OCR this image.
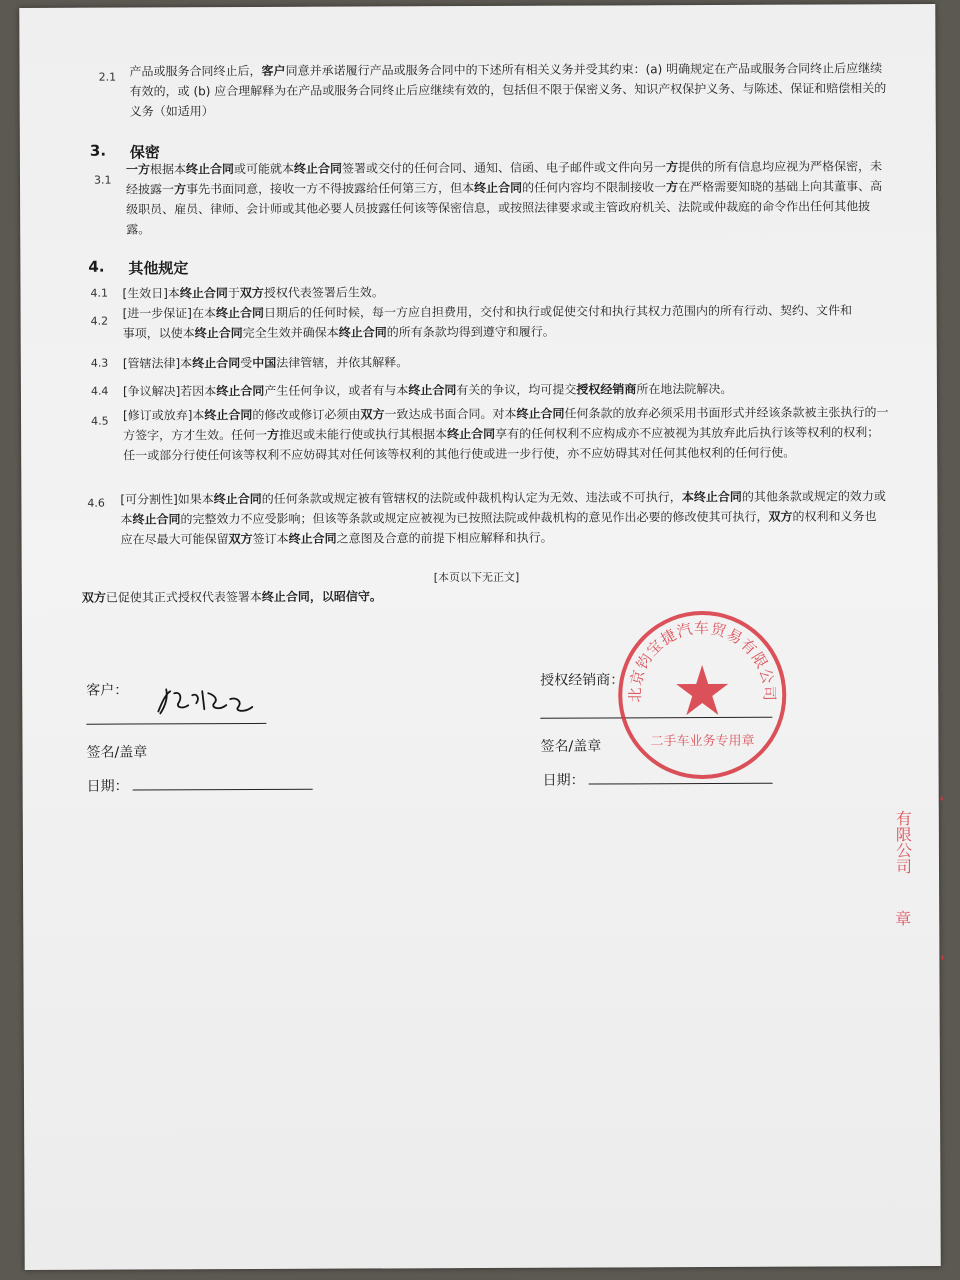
2.1 产品或服务合同终止后，客户同意并承诺履行产品或服务合同中的下述所有相关义务并受其约束：(a) 明确规定在产品或服务合同终止后应继续有效的，或 (b) 应合理解释为在产品或服务合同终止后应继续有效的，包括但不限于保密义务、知识产权保护义务、与陈述、保证和赔偿相关的义务（如适用）
3. 保密
3.1
一方根据本终止合同或可能就本终止合同签署或交付的任何合同、通知、信函、电子邮件或文件向另一方提供的所有信息均应视为严格保密，未经披露一方事先书面同意，接收一方不得披露给任何第三方，但本终止合同的任何内容均不限制接收一方在严格需要知晓的基础上向其董事、高级职员、雇员、律师、会计师或其他必要人员披露任何该等保密信息，或按照法律要求或主管政府机关、法院或仲裁庭的命令作出任何其他披露。
4. 其他规定
4.1 [生效日]本终止合同于双方授权代表签署后生效。
4.2
[进一步保证]在本终止合同日期后的任何时候，每一方应自担费用，交付和执行或促使交付和执行其权力范围内的所有行动、契约、文件和事项，以使本终止合同完全生效并确保本终止合同的所有条款均得到遵守和履行。
4.3 [管辖法律]本终止合同受中国法律管辖，并依其解释。
4.4 [争议解决]若因本终止合同产生任何争议，或者有与本终止合同有关的争议，均可提交授权经销商所在地法院解决。
4.5 [修订或放弃]本终止合同的修改或修订必须由双方一致达成书面合同。对本终止合同任何条款的放弃必须采用书面形式并经该条款被主张执行的一方签字，方才生效。任何一方推迟或未能行使或执行其根据本终止合同享有的任何权利不应构成亦不应被视为其放弃此后执行该等权利的权利；任一或部分行使任何该等权利不应妨碍其对任何该等权利的其他行使或进一步行使，亦不应妨碍其对任何其他权利的任何行使。
4.6 [可分割性]如果本终止合同的任何条款或规定被有管辖权的法院或仲裁机构认定为无效、违法或不可执行，本终止合同的其他条款或规定的效力或本终止合同的完整效力不应受影响；但该等条款或规定应被视为已按照法院或仲裁机构的意见作出必要的修改使其可执行，双方的权利和义务也应在尽最大可能保留双方签订本终止合同之意图及合意的前提下相应解释和执行。
[本页以下无正文]
双方已促使其正式授权代表签署本终止合同，以昭信守。
客户：
签名/盖章
日期：
授权经销商：
签名/盖章
日期：
北京钧宝捷汽车贸易有限公司
二手车业务专用章
有限公司
章
